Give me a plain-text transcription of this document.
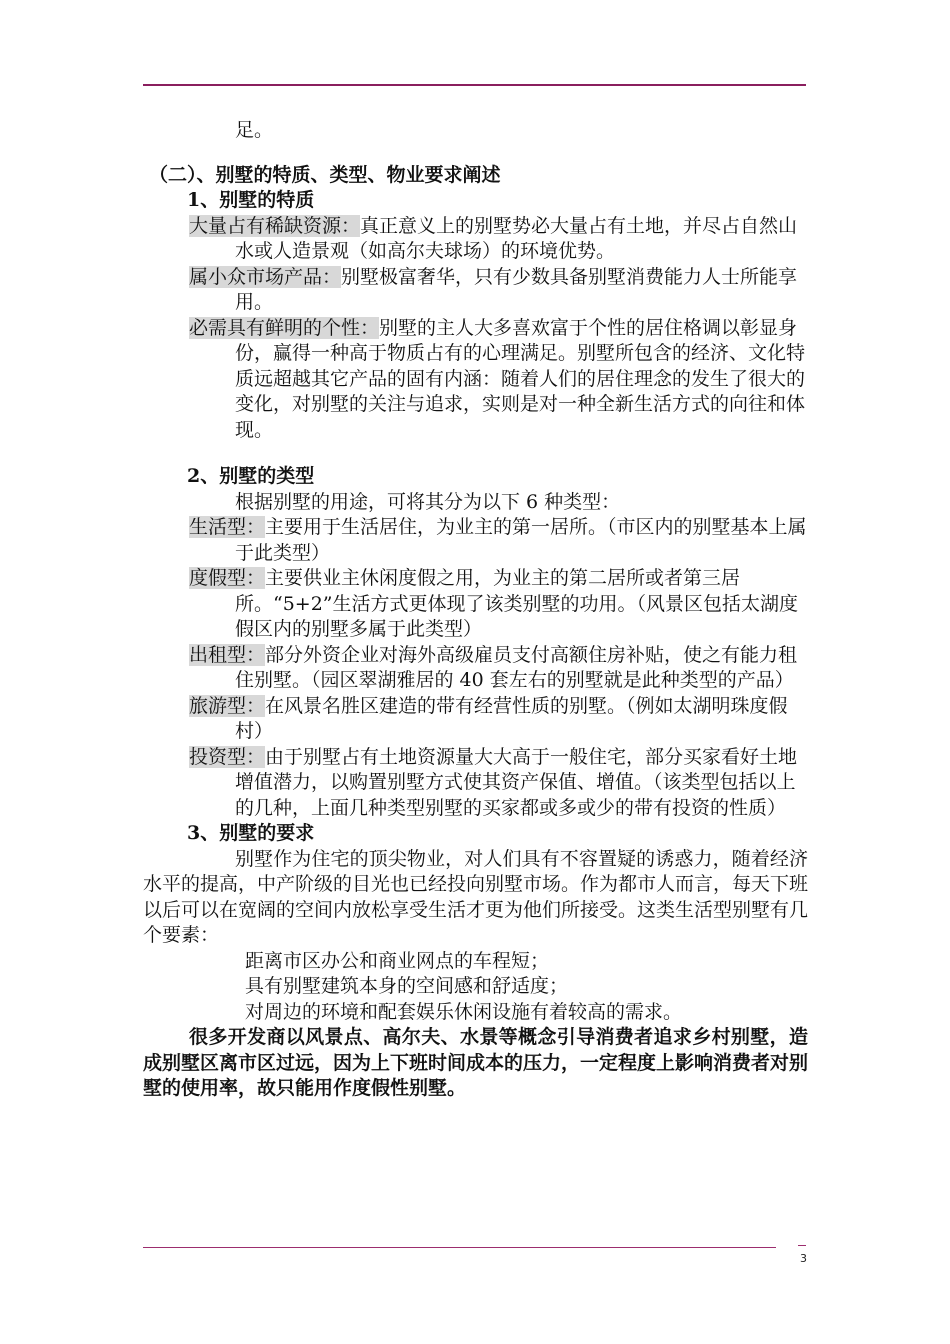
足。

（二）、别墅的特质、类型、物业要求阐述

1、别墅的特质

大量占有稀缺资源：真正意义上的别墅势必大量占有土地，并尽占自然山水或人造景观（如高尔夫球场）的环境优势。

属小众市场产品：别墅极富奢华，只有少数具备别墅消费能力人士所能享用。

必需具有鲜明的个性：别墅的主人大多喜欢富于个性的居住格调以彰显身份，赢得一种高于物质占有的心理满足。别墅所包含的经济、文化特质远超越其它产品的固有内涵：随着人们的居住理念的发生了很大的变化，对别墅的关注与追求，实则是对一种全新生活方式的向往和体现。

2、别墅的类型

根据别墅的用途，可将其分为以下 6 种类型：

生活型：主要用于生活居住，为业主的第一居所。（市区内的别墅基本上属于此类型）

度假型：主要供业主休闲度假之用，为业主的第二居所或者第三居所。“5+2”生活方式更体现了该类别墅的功用。（风景区包括太湖度假区内的别墅多属于此类型）

出租型：部分外资企业对海外高级雇员支付高额住房补贴，使之有能力租住别墅。（园区翠湖雅居的 40 套左右的别墅就是此种类型的产品）

旅游型：在风景名胜区建造的带有经营性质的别墅。（例如太湖明珠度假村）

投资型：由于别墅占有土地资源量大大高于一般住宅，部分买家看好土地增值潜力，以购置别墅方式使其资产保值、增值。（该类型包括以上的几种，上面几种类型别墅的买家都或多或少的带有投资的性质）

3、别墅的要求

别墅作为住宅的顶尖物业，对人们具有不容置疑的诱惑力，随着经济水平的提高，中产阶级的目光也已经投向别墅市场。作为都市人而言，每天下班以后可以在宽阔的空间内放松享受生活才更为他们所接受。这类生活型别墅有几个要素：

距离市区办公和商业网点的车程短；

具有别墅建筑本身的空间感和舒适度；

对周边的环境和配套娱乐休闲设施有着较高的需求。

很多开发商以风景点、高尔夫、水景等概念引导消费者追求乡村别墅，造成别墅区离市区过远，因为上下班时间成本的压力，一定程度上影响消费者对别墅的使用率，故只能用作度假性别墅。

3
